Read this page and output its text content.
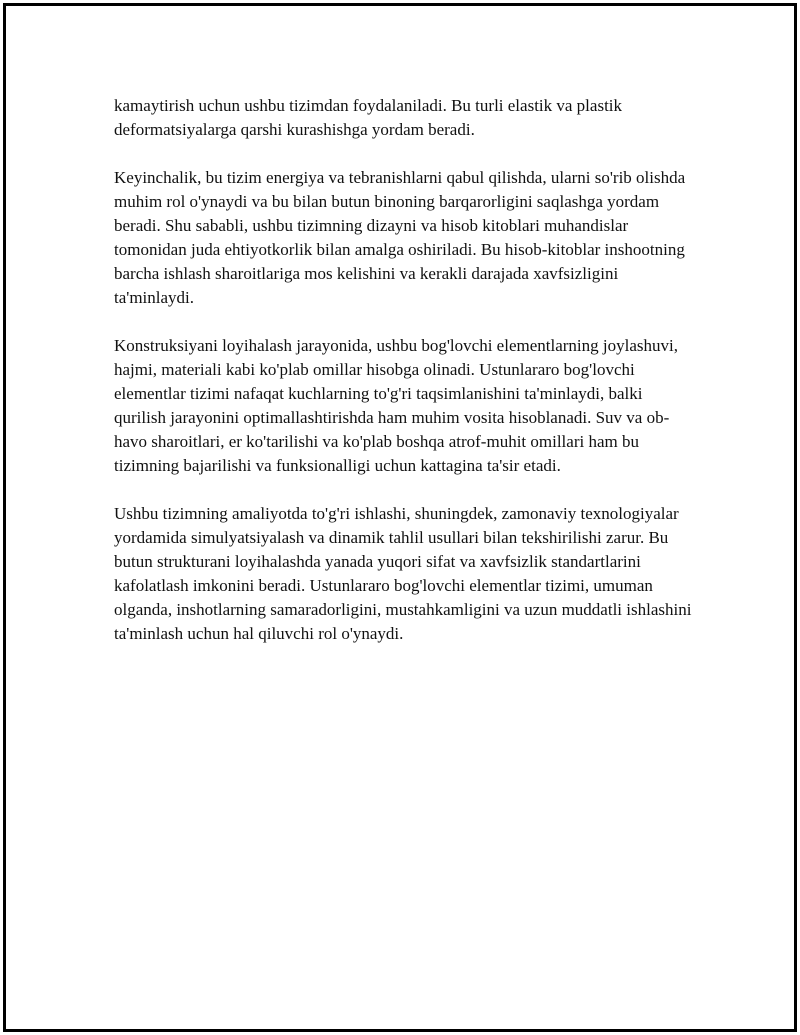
kamaytirish uchun ushbu tizimdan foydalaniladi. Bu turli elastik va plastik deformatsiyalarga qarshi kurashishga yordam beradi.

Keyinchalik, bu tizim energiya va tebranishlarni qabul qilishda, ularni so'rib olishda muhim rol o'ynaydi va bu bilan butun binoning barqarorligini saqlashga yordam beradi. Shu sababli, ushbu tizimning dizayni va hisob kitoblari muhandislar tomonidan juda ehtiyotkorlik bilan amalga oshiriladi. Bu hisob-kitoblar inshootning barcha ishlash sharoitlariga mos kelishini va kerakli darajada xavfsizligini ta'minlaydi.

Konstruksiyani loyihalash jarayonida, ushbu bog'lovchi elementlarning joylashuvi, hajmi, materiali kabi ko'plab omillar hisobga olinadi. Ustunlararo bog'lovchi elementlar tizimi nafaqat kuchlarning to'g'ri taqsimlanishini ta'minlaydi, balki qurilish jarayonini optimallashtirishda ham muhim vosita hisoblanadi. Suv va ob-havo sharoitlari, er ko'tarilishi va ko'plab boshqa atrof-muhit omillari ham bu tizimning bajarilishi va funksionalligi uchun kattagina ta'sir etadi.

Ushbu tizimning amaliyotda to'g'ri ishlashi, shuningdek, zamonaviy texnologiyalar yordamida simulyatsiyalash va dinamik tahlil usullari bilan tekshirilishi zarur. Bu butun strukturani loyihalashda yanada yuqori sifat va xavfsizlik standartlarini kafolatlash imkonini beradi. Ustunlararo bog'lovchi elementlar tizimi, umuman olganda, inshotlarning samaradorligini, mustahkamligini va uzun muddatli ishlashini ta'minlash uchun hal qiluvchi rol o'ynaydi.
